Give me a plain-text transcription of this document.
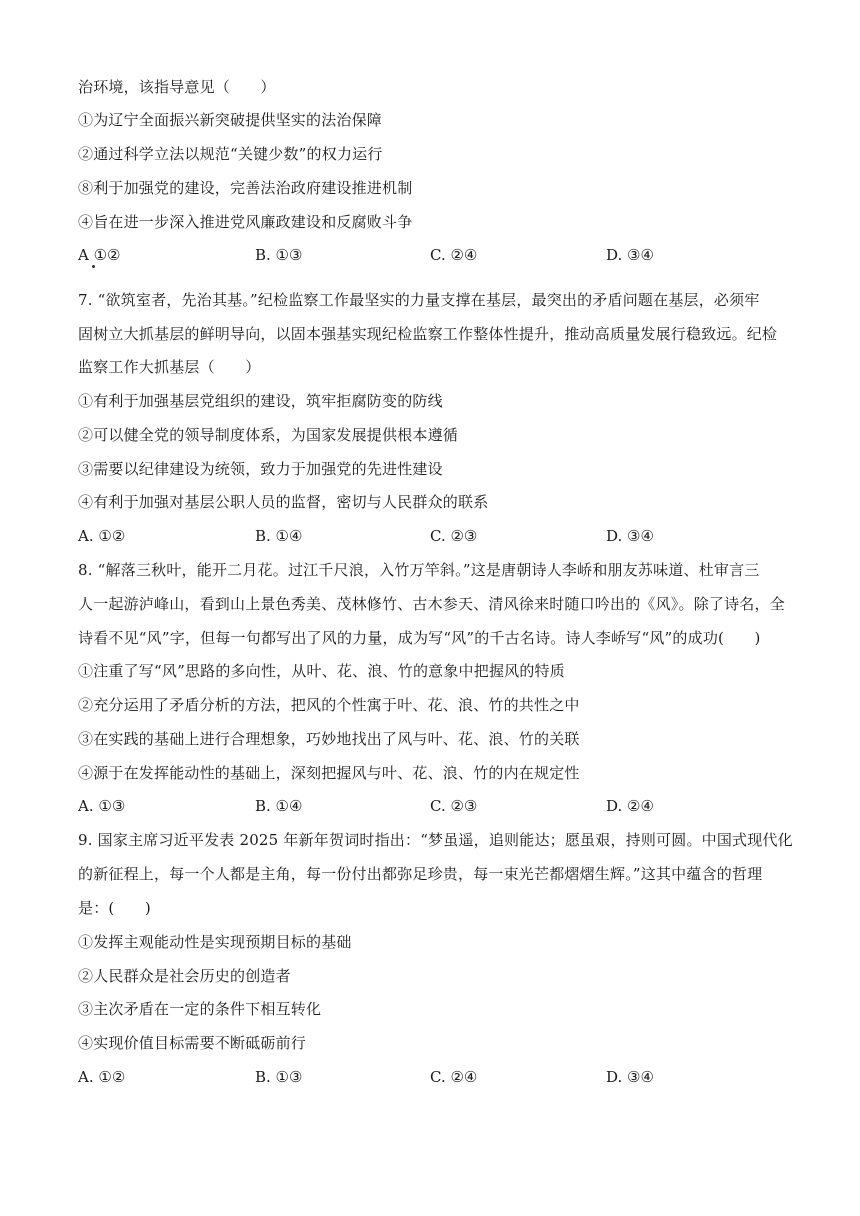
治环境，该指导意见（　　）
①为辽宁全面振兴新突破提供坚实的法治保障
②通过科学立法以规范“关键少数”的权力运行
⑧利于加强党的建设，完善法治政府建设推进机制
④旨在进一步深入推进党风廉政建设和反腐败斗争
A ①②	B. ①③	C. ②④	D. ③④
7. “欲筑室者，先治其基。”纪检监察工作最坚实的力量支撑在基层，最突出的矛盾问题在基层，必须牢
固树立大抓基层的鲜明导向，以固本强基实现纪检监察工作整体性提升，推动高质量发展行稳致远。纪检
监察工作大抓基层（　　）
①有利于加强基层党组织的建设，筑牢拒腐防变的防线
②可以健全党的领导制度体系，为国家发展提供根本遵循
③需要以纪律建设为统领，致力于加强党的先进性建设
④有利于加强对基层公职人员的监督，密切与人民群众的联系
A. ①②	B. ①④	C. ②③	D. ③④
8. “解落三秋叶，能开二月花。过江千尺浪，入竹万竿斜。”这是唐朝诗人李峤和朋友苏味道、杜审言三
人一起游泸峰山，看到山上景色秀美、茂林修竹、古木参天、清风徐来时随口吟出的《风》。除了诗名，全
诗看不见“风”字，但每一句都写出了风的力量，成为写“风”的千古名诗。诗人李峤写“风”的成功(　　)
①注重了写“风”思路的多向性，从叶、花、浪、竹的意象中把握风的特质
②充分运用了矛盾分析的方法，把风的个性寓于叶、花、浪、竹的共性之中
③在实践的基础上进行合理想象，巧妙地找出了风与叶、花、浪、竹的关联
④源于在发挥能动性的基础上，深刻把握风与叶、花、浪、竹的内在规定性
A. ①③	B. ①④	C. ②③	D. ②④
9. 国家主席习近平发表 2025 年新年贺词时指出：“梦虽遥，追则能达；愿虽艰，持则可圆。中国式现代化
的新征程上，每一个人都是主角，每一份付出都弥足珍贵，每一束光芒都熠熠生辉。”这其中蕴含的哲理
是：(　　)
①发挥主观能动性是实现预期目标的基础
②人民群众是社会历史的创造者
③主次矛盾在一定的条件下相互转化
④实现价值目标需要不断砥砺前行
A. ①②	B. ①③	C. ②④	D. ③④
